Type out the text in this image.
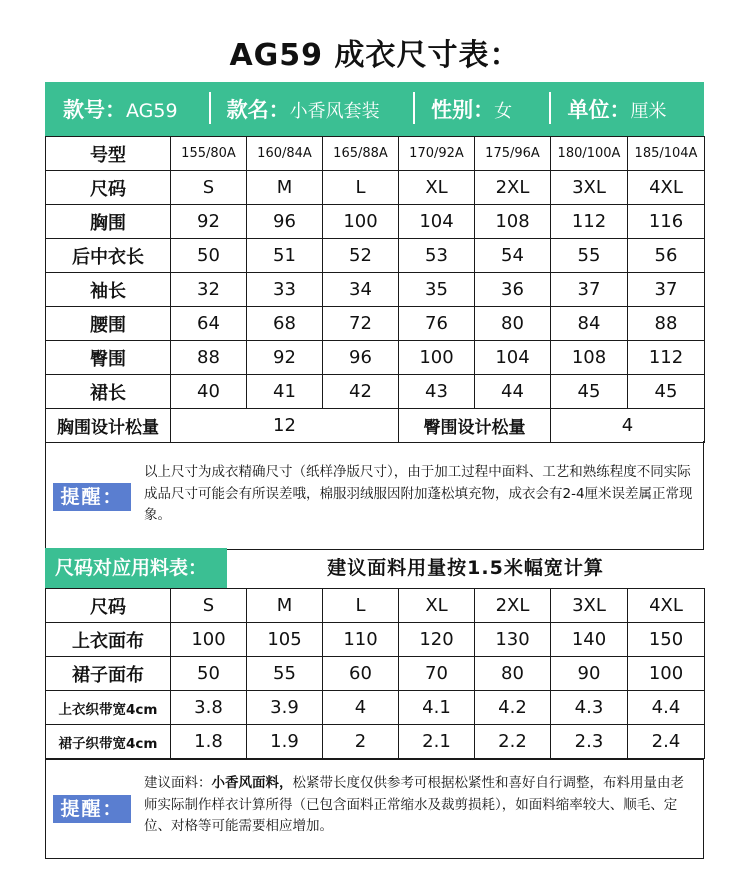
AG59 成衣尺寸表：
款号： AG59 款名： 小香风套装 性别： 女	单位： 厘米
号型	155/80A	160/84A	165/88A	170/92A	175/96A	180/100A	185/104A
尺码	S	M	L	XL	2XL	3XL	4XL
胸围	92	96	100	104	108	112	116
后中衣长	50	51	52	53	54	55	56
袖长	32	33	34	35	36	37	37
腰围	64	68	72	76	80	84	88
臀围	88	92	96	100	104	108	112
裙长	40	41	42	43	44	45	45
胸围设计松量	12			臀围设计松量		4	
提醒：
以上尺寸为成衣精确尺寸（纸样净版尺寸），由于加工过程中面料、工艺和熟练程度不同实际成品尺寸可能会有所误差哦，棉服羽绒服因附加蓬松填充物，成衣会有2-4厘米误差属正常现象。
尺码对应用料表：	建议面料用量按1.5米幅宽计算
尺码	S	M	L	XL	2XL	3XL	4XL
上衣面布	100	105	110	120	130	140	150
裙子面布	50	55	60	70	80	90	100
上衣织带宽4cm	3.8	3.9	4	4.1	4.2	4.3	4.4
裙子织带宽4cm	1.8	1.9	2	2.1	2.2	2.3	2.4
提醒：
建议面料：小香风面料，松紧带长度仅供参考可根据松紧性和喜好自行调整，布料用量由老师实际制作样衣计算所得（已包含面料正常缩水及裁剪损耗），如面料缩率较大、顺毛、定位、对格等可能需要相应增加。
